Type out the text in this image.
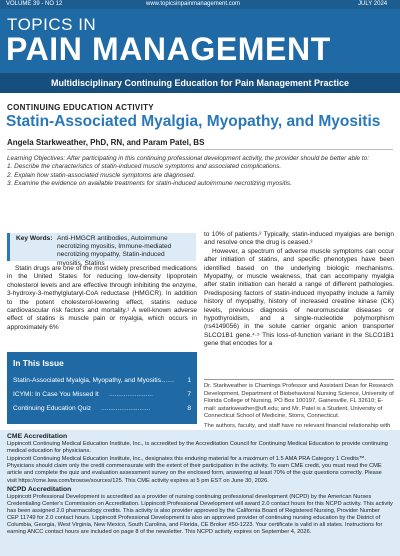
VOLUME 39 - NO 12	www.topicsinpainmanagement.com	JULY 2024
TOPICS IN
PAIN MANAGEMENT
Multidisciplinary Continuing Education for Pain Management Practice
CONTINUING EDUCATION ACTIVITY
Statin-Associated Myalgia, Myopathy, and Myositis
Angela Starkweather, PhD, RN, and Param Patel, BS
Learning Objectives: After participating in this continuing professional development activity, the provider should be better able to:
1. Describe the characteristics of statin-induced muscle symptoms and associated complications.
2. Explain how statin-associated muscle symptoms are diagnosed.
3. Examine the evidence on available treatments for statin-induced autoimmune necrotizing myositis.
Key Words: Anti-HMGCR antibodies, Autoimmune necrotizing myositis, Immune-mediated necrotizing myopathy, Statin-induced myositis, Statins

Statin drugs are one of the most widely prescribed medications in the United States for reducing low-density lipoprotein cholesterol levels and are effective through inhibiting the enzyme, 3-hydroxy-3-methylglutaryl-CoA reductase (HMGCR). In addition to the potent cholesterol-lowering effect, statins reduce cardiovascular risk factors and mortality.¹ A well-known adverse effect of statins is muscle pain or myalgia, which occurs in approximately 6%

to 10% of patients.² Typically, statin-induced myalgias are benign and resolve once the drug is ceased.³

However, a spectrum of adverse muscle symptoms can occur after initiation of statins, and specific phenotypes have been identified based on the underlying biologic mechanisms. Myopathy, or muscle weakness, that can accompany myalgia after statin initiation can herald a range of different pathologies. Predisposing factors of statin-induced myopathy include a family history of myopathy, history of increased creatine kinase (CK) levels, previous diagnosis of neuromuscular diseases or hypothyroidism, and a single-nucleotide polymorphism (rs4149056) in the solute carrier organic anion transporter SLCO1B1 gene.⁴·⁵ This loss-of-function variant in the SLCO1B1 gene that encodes for a

Dr. Starkweather is Chamings Professor and Assistant Dean for Research Development, Department of Biobehavioral Nursing Science, University of Florida College of Nursing, PO Box 100197, Gainesville, FL 32610; E-mail: astarkweather@ufl.edu; and Mr. Patel is a Student, University of Connecticut School of Medicine, Storrs, Connecticut.

The authors, faculty, and staff have no relevant financial relationship with

In This Issue
Statin-Associated Myalgia, Myopathy, and Myositis ........	1
ICYMI: In Case You Missed It ........................	7
Continuing Education Quiz ...........................	8
CME Accreditation

Lippincott Continuing Medical Education Institute, Inc., is accredited by the Accreditation Council for Continuing Medical Education to provide continuing medical education for physicians.

Lippincott Continuing Medical Education Institute, Inc., designates this enduring material for a maximum of 1.5 AMA PRA Category 1 Credits™. Physicians should claim only the credit commensurate with the extent of their participation in the activity. To earn CME credit, you must read the CME article and complete the quiz and evaluation assessment survey on the enclosed form, answering at least 70% of the quiz questions correctly. Please visit https://cme.lww.com/browse/sources/125. This CME activity expires at 5 pm EST on June 30, 2026.

NCPD Accreditation

Lippincott Professional Development is accredited as a provider of nursing continuing professional development (NCPD) by the American Nurses Credentialing Center's Commission on Accreditation. Lippincott Professional Development will award 2.0 contact hours for this NCPD activity. This activity has been assigned 2.0 pharmacology credits. This activity is also provider approved by the California Board of Registered Nursing, Provider Number CEP 11749 for 2.0 contact hours. Lippincott Professional Development is also an approved provider of continuing nursing education by the District of Columbia, Georgia, West Virginia, New Mexico, South Carolina, and Florida, CE Broker #50-1223. Your certificate is valid in all states. Instructions for earning ANCC contact hours are included on page 8 of the newsletter. This NCPD activity expires on September 4, 2026.
